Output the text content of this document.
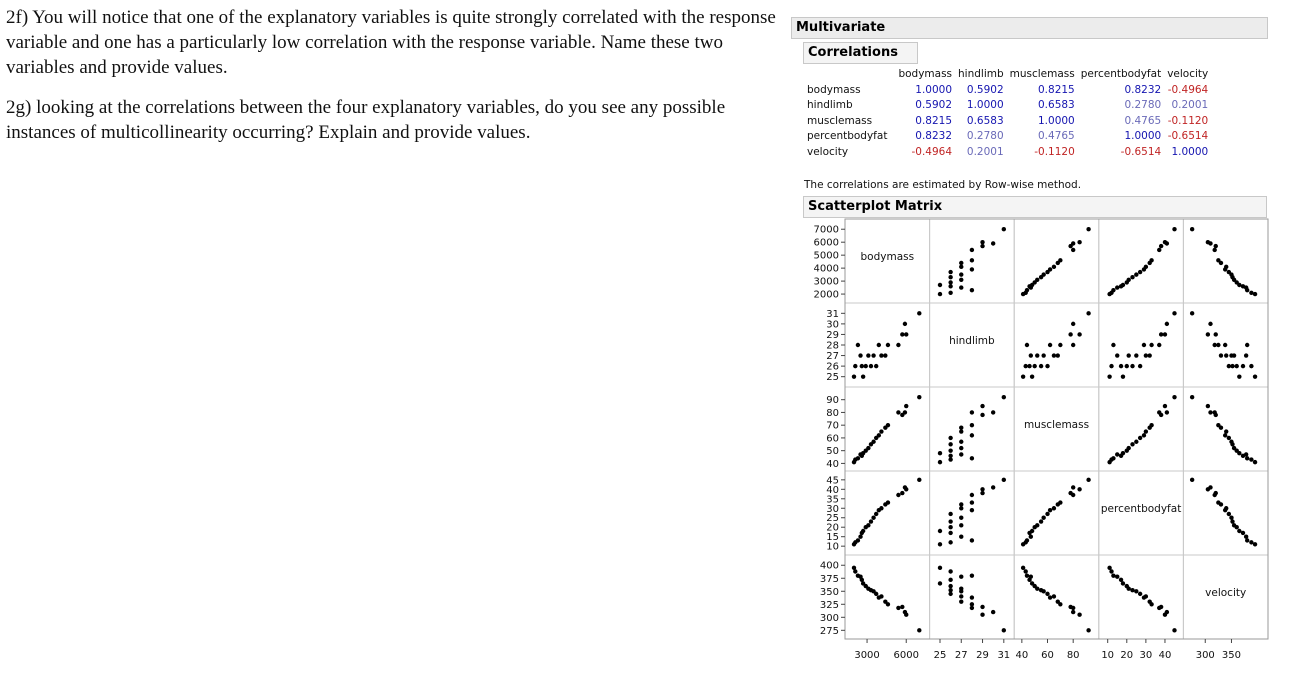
2f) You will notice that one of the explanatory variables is quite strongly correlated with the response variable and one has a particularly low correlation with the response variable. Name these two variables and provide values.

2g) looking at the correlations between the four explanatory variables, do you see any possible instances of multicollinearity occurring? Explain and provide values.

Multivariate
Correlations
	bodymass	hindlimb	musclemass	percentbodyfat	velocity
bodymass	1.0000	0.5902	0.8215	0.8232	-0.4964
hindlimb	0.5902	1.0000	0.6583	0.2780	0.2001
musclemass	0.8215	0.6583	1.0000	0.4765	-0.1120
percentbodyfat	0.8232	0.2780	0.4765	1.0000	-0.6514
velocity	-0.4964	0.2001	-0.1120	-0.6514	1.0000

The correlations are estimated by Row-wise method.

Scatterplot Matrix
bodymass
hindlimb
musclemass
percentbodyfat
velocity
2000
3000
4000
5000
6000
7000
25
26
27
28
29
30
31
40
50
60
70
80
90
10
15
20
25
30
35
40
45
275
300
325
350
375
400
3000 6000 25 27 29 31 40 60 80 10 20 30 40 300 350
